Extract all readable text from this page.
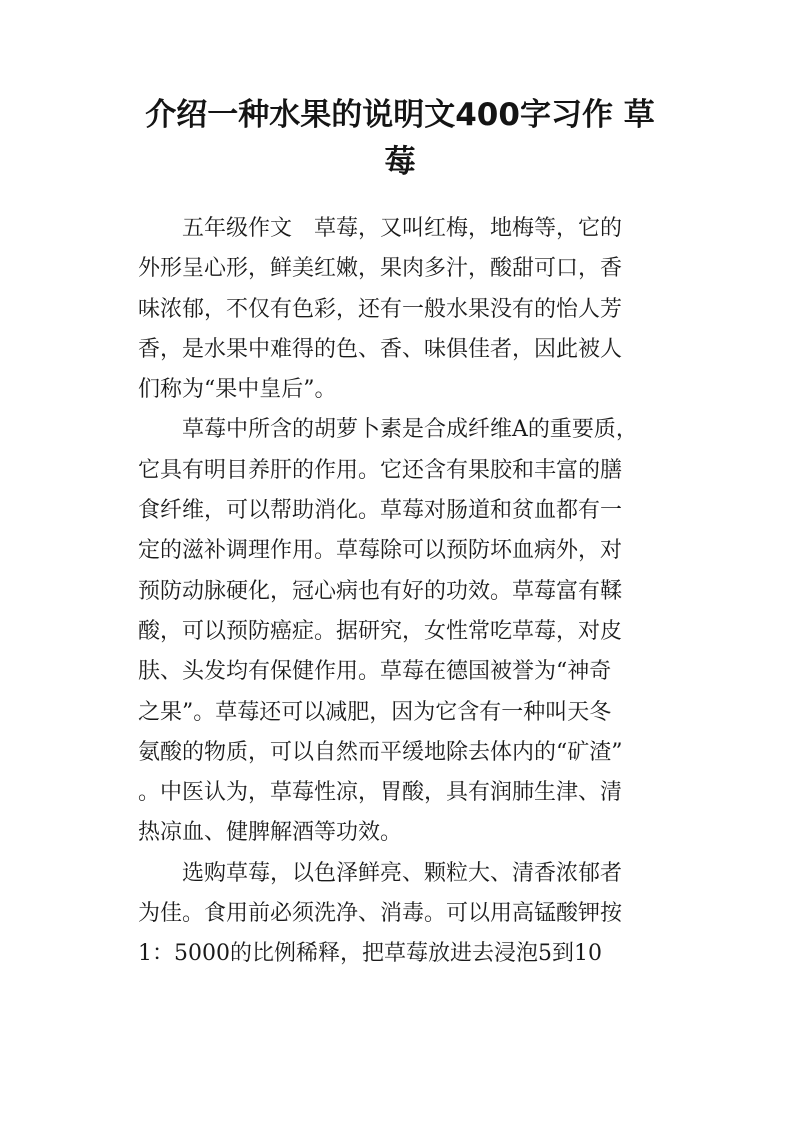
介绍一种水果的说明文400字习作 草
莓
五年级作文　草莓，又叫红梅，地梅等，它的
外形呈心形，鲜美红嫩，果肉多汁，酸甜可口，香
味浓郁，不仅有色彩，还有一般水果没有的怡人芳
香，是水果中难得的色、香、味俱佳者，因此被人
们称为“果中皇后”。
草莓中所含的胡萝卜素是合成纤维A的重要质，
它具有明目养肝的作用。它还含有果胶和丰富的膳
食纤维，可以帮助消化。草莓对肠道和贫血都有一
定的滋补调理作用。草莓除可以预防坏血病外，对
预防动脉硬化，冠心病也有好的功效。草莓富有鞣
酸，可以预防癌症。据研究，女性常吃草莓，对皮
肤、头发均有保健作用。草莓在德国被誉为“神奇
之果”。草莓还可以减肥，因为它含有一种叫天冬
氨酸的物质，可以自然而平缓地除去体内的“矿渣”
。中医认为，草莓性凉，胃酸，具有润肺生津、清
热凉血、健脾解酒等功效。
选购草莓，以色泽鲜亮、颗粒大、清香浓郁者
为佳。食用前必须洗净、消毒。可以用高锰酸钾按
1：5000的比例稀释，把草莓放进去浸泡5到10
